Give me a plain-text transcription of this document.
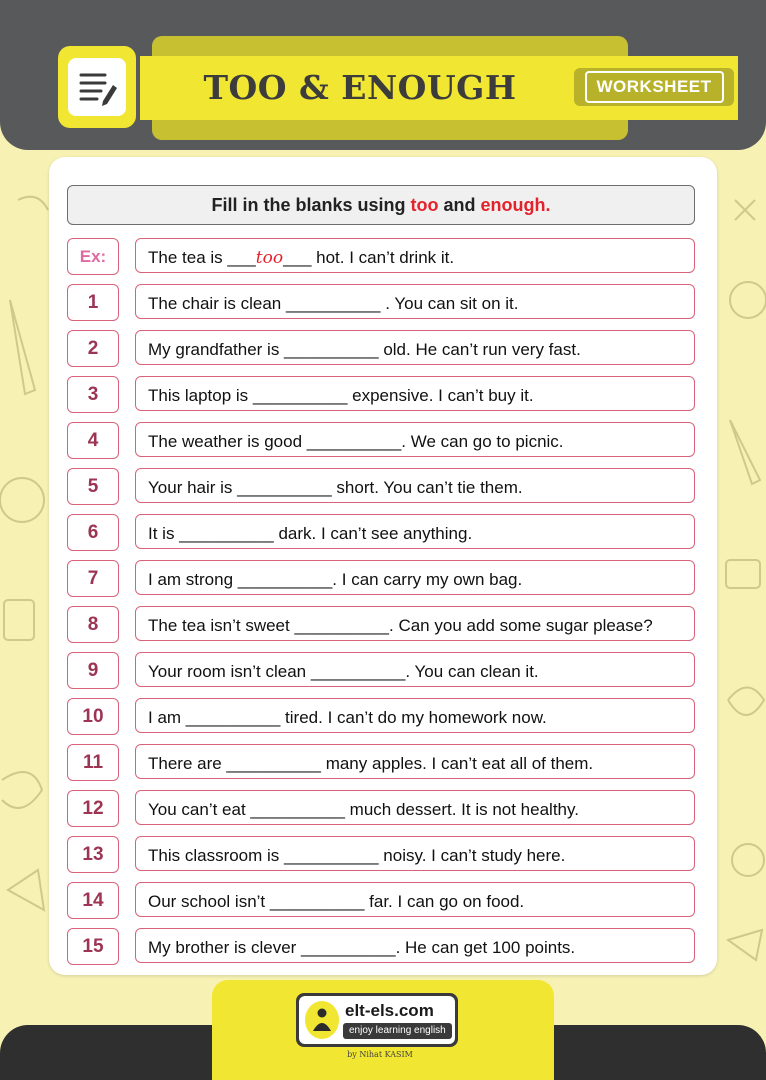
TOO & ENOUGH	WORKSHEET
Fill in the blanks using too and enough.
Ex:	The tea is ___too___ hot. I can’t drink it.
1	The chair is clean __________ . You can sit on it.
2	My grandfather is __________ old. He can’t run very fast.
3	This laptop is __________ expensive. I can’t buy it.
4	The weather is good __________. We can go to picnic.
5	Your hair is __________ short. You can’t tie them.
6	It is __________ dark. I can’t see anything.
7	I am strong __________. I can carry my own bag.
8	The tea isn’t sweet __________. Can you add some sugar please?
9	Your room isn’t clean __________. You can clean it.
10	I am __________ tired. I can’t do my homework now.
11	There are __________ many apples. I can’t eat all of them.
12	You can’t eat __________ much dessert. It is not healthy.
13	This classroom is __________ noisy. I can’t study here.
14	Our school isn’t __________ far. I can go on food.
15	My brother is clever __________. He can get 100 points.
elt-els.com
enjoy learning english
by Nihat KASIM
